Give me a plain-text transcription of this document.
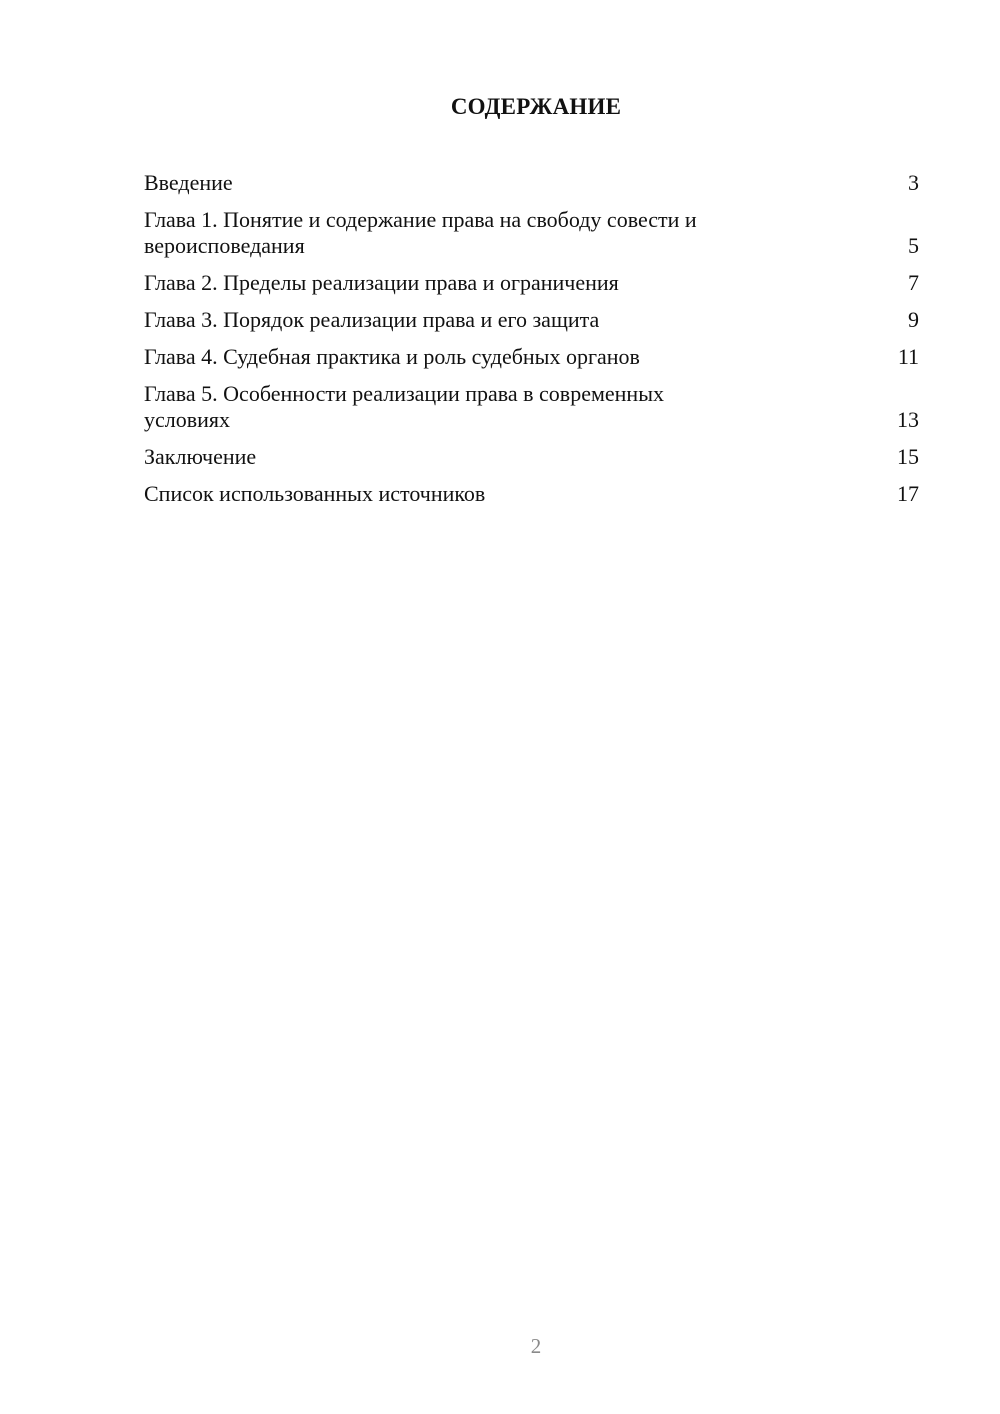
СОДЕРЖАНИЕ
Введение	3
Глава 1. Понятие и содержание права на свободу совести и
вероисповедания	5
Глава 2. Пределы реализации права и ограничения	7
Глава 3. Порядок реализации права и его защита	9
Глава 4. Судебная практика и роль судебных органов	11
Глава 5. Особенности реализации права в современных
условиях	13
Заключение	15
Список использованных источников	17
2
